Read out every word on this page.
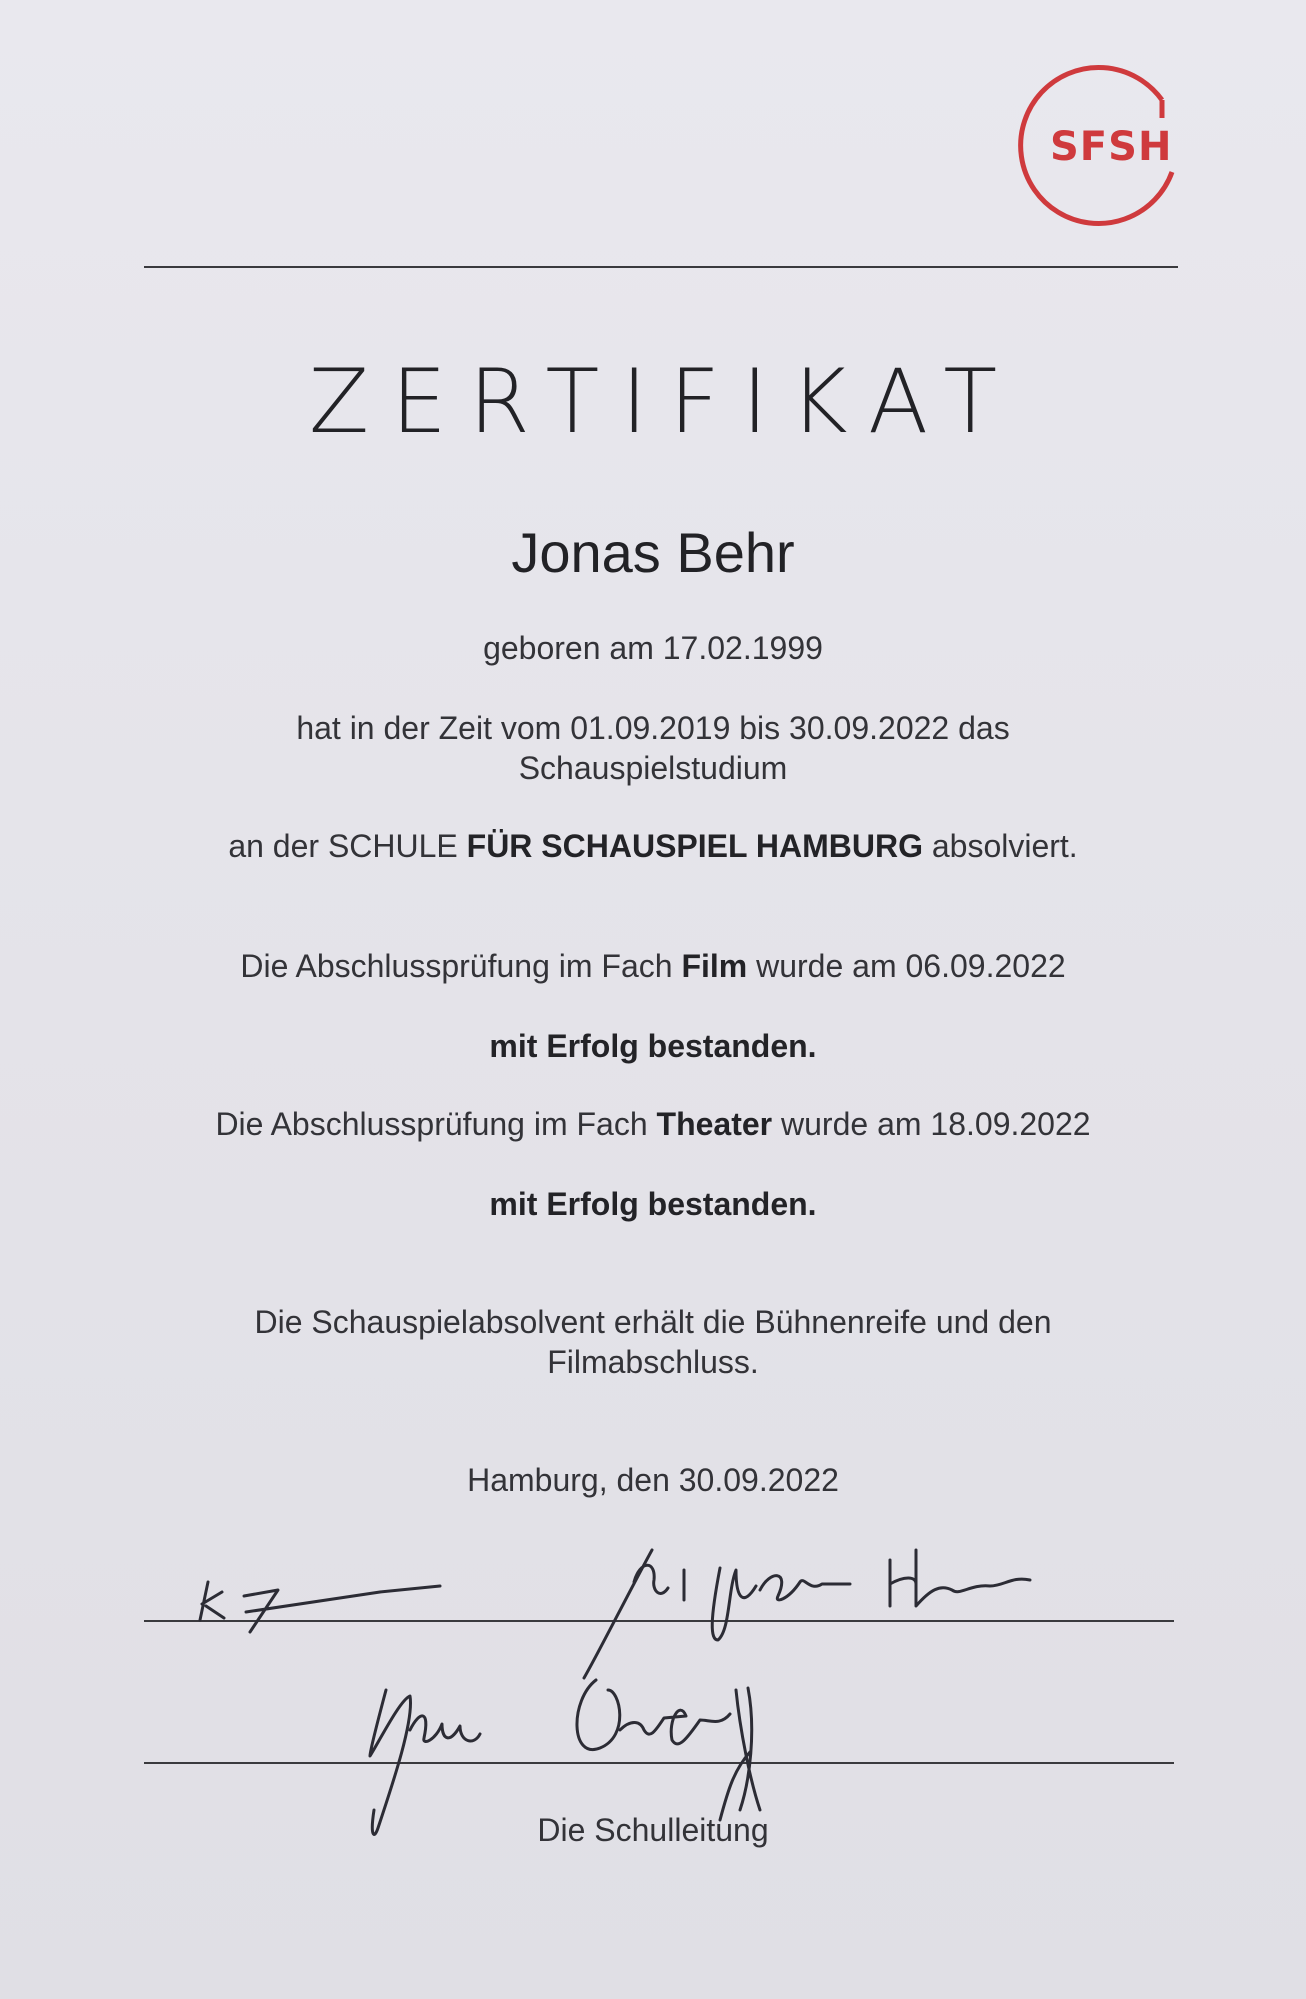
SFSH
ZERTIFIKAT
Jonas Behr
geboren am 17.02.1999
hat in der Zeit vom 01.09.2019 bis 30.09.2022 das
Schauspielstudium
an der SCHULE FÜR SCHAUSPIEL HAMBURG absolviert.
Die Abschlussprüfung im Fach Film wurde am 06.09.2022
mit Erfolg bestanden.
Die Abschlussprüfung im Fach Theater wurde am 18.09.2022
mit Erfolg bestanden.
Die Schauspielabsolvent erhält die Bühnenreife und den
Filmabschluss.
Hamburg, den 30.09.2022
Die Schulleitung
